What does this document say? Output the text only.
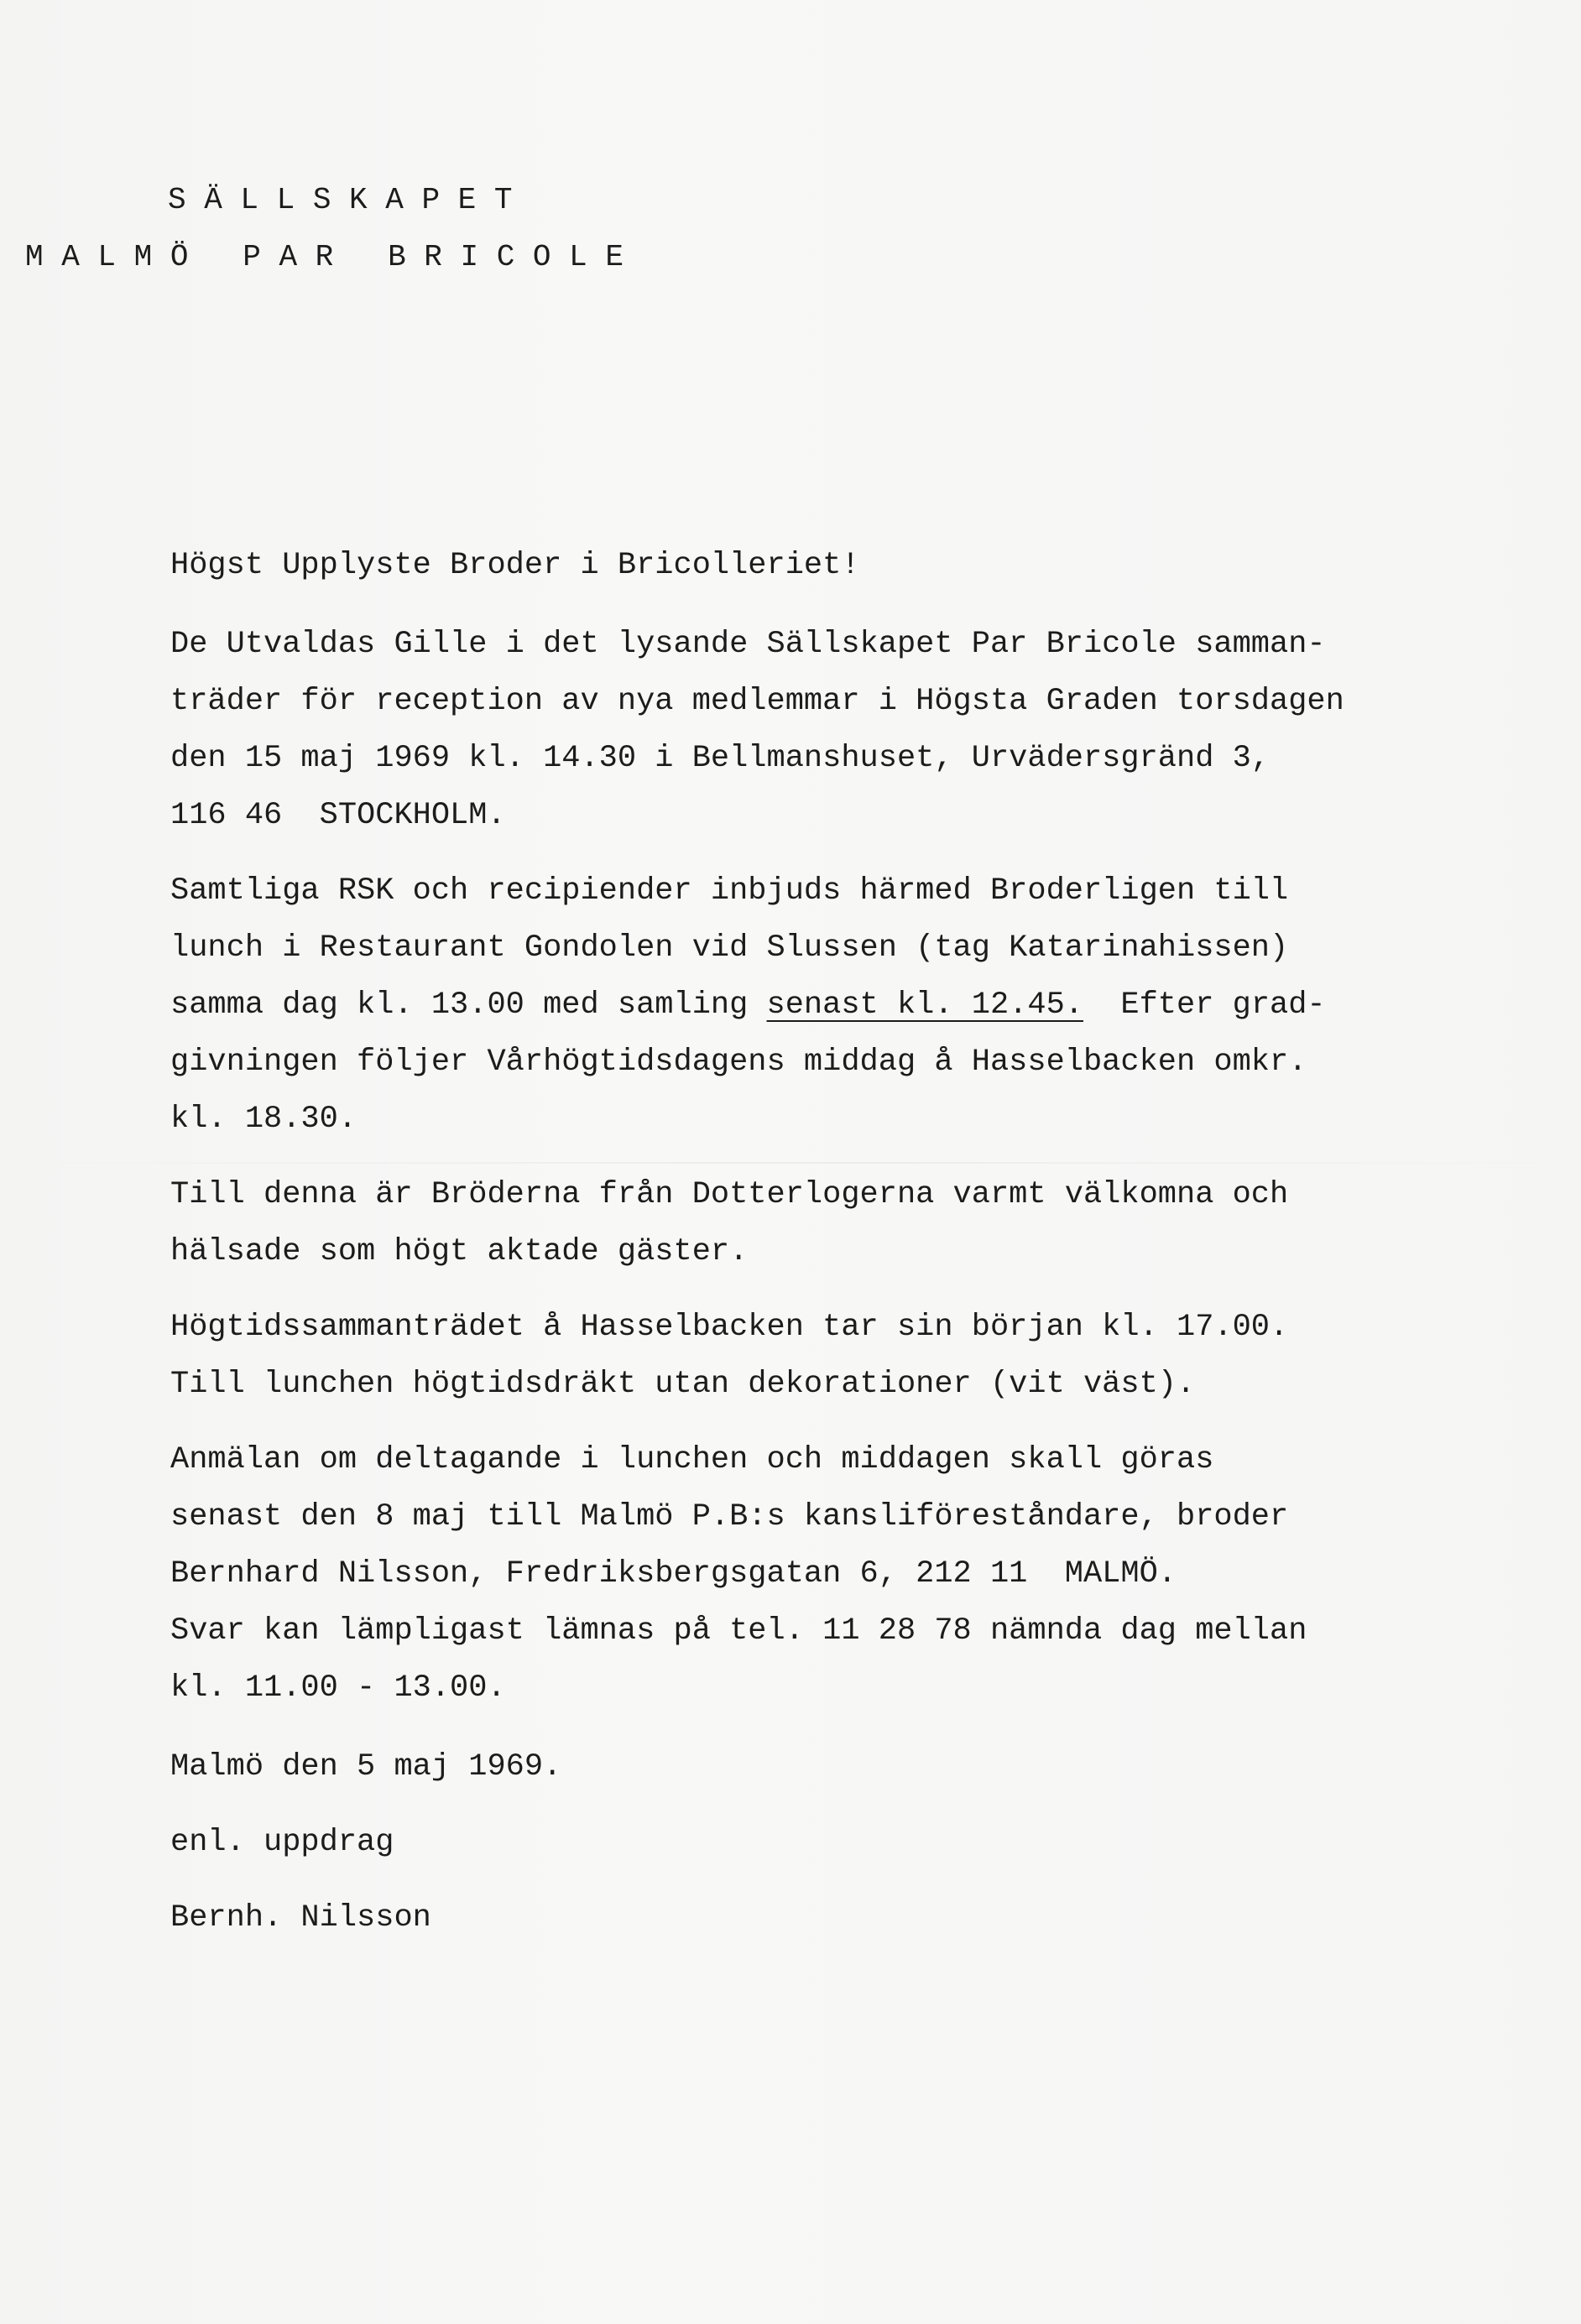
S Ä L L S K A P E T
M A L M Ö   P A R   B R I C O L E
Högst Upplyste Broder i Bricolleriet!
De Utvaldas Gille i det lysande Sällskapet Par Bricole samman-
träder för reception av nya medlemmar i Högsta Graden torsdagen
den 15 maj 1969 kl. 14.30 i Bellmanshuset, Urvädersgränd 3,
116 46  STOCKHOLM.
Samtliga RSK och recipiender inbjuds härmed Broderligen till
lunch i Restaurant Gondolen vid Slussen (tag Katarinahissen)
samma dag kl. 13.00 med samling senast kl. 12.45.  Efter grad-
givningen följer Vårhögtidsdagens middag å Hasselbacken omkr.
kl. 18.30.
Till denna är Bröderna från Dotterlogerna varmt välkomna och
hälsade som högt aktade gäster.
Högtidssammanträdet å Hasselbacken tar sin början kl. 17.00.
Till lunchen högtidsdräkt utan dekorationer (vit väst).
Anmälan om deltagande i lunchen och middagen skall göras
senast den 8 maj till Malmö P.B:s kansliföreståndare, broder
Bernhard Nilsson, Fredriksbergsgatan 6, 212 11  MALMÖ.
Svar kan lämpligast lämnas på tel. 11 28 78 nämnda dag mellan
kl. 11.00 - 13.00.
Malmö den 5 maj 1969.
enl. uppdrag
Bernh. Nilsson
